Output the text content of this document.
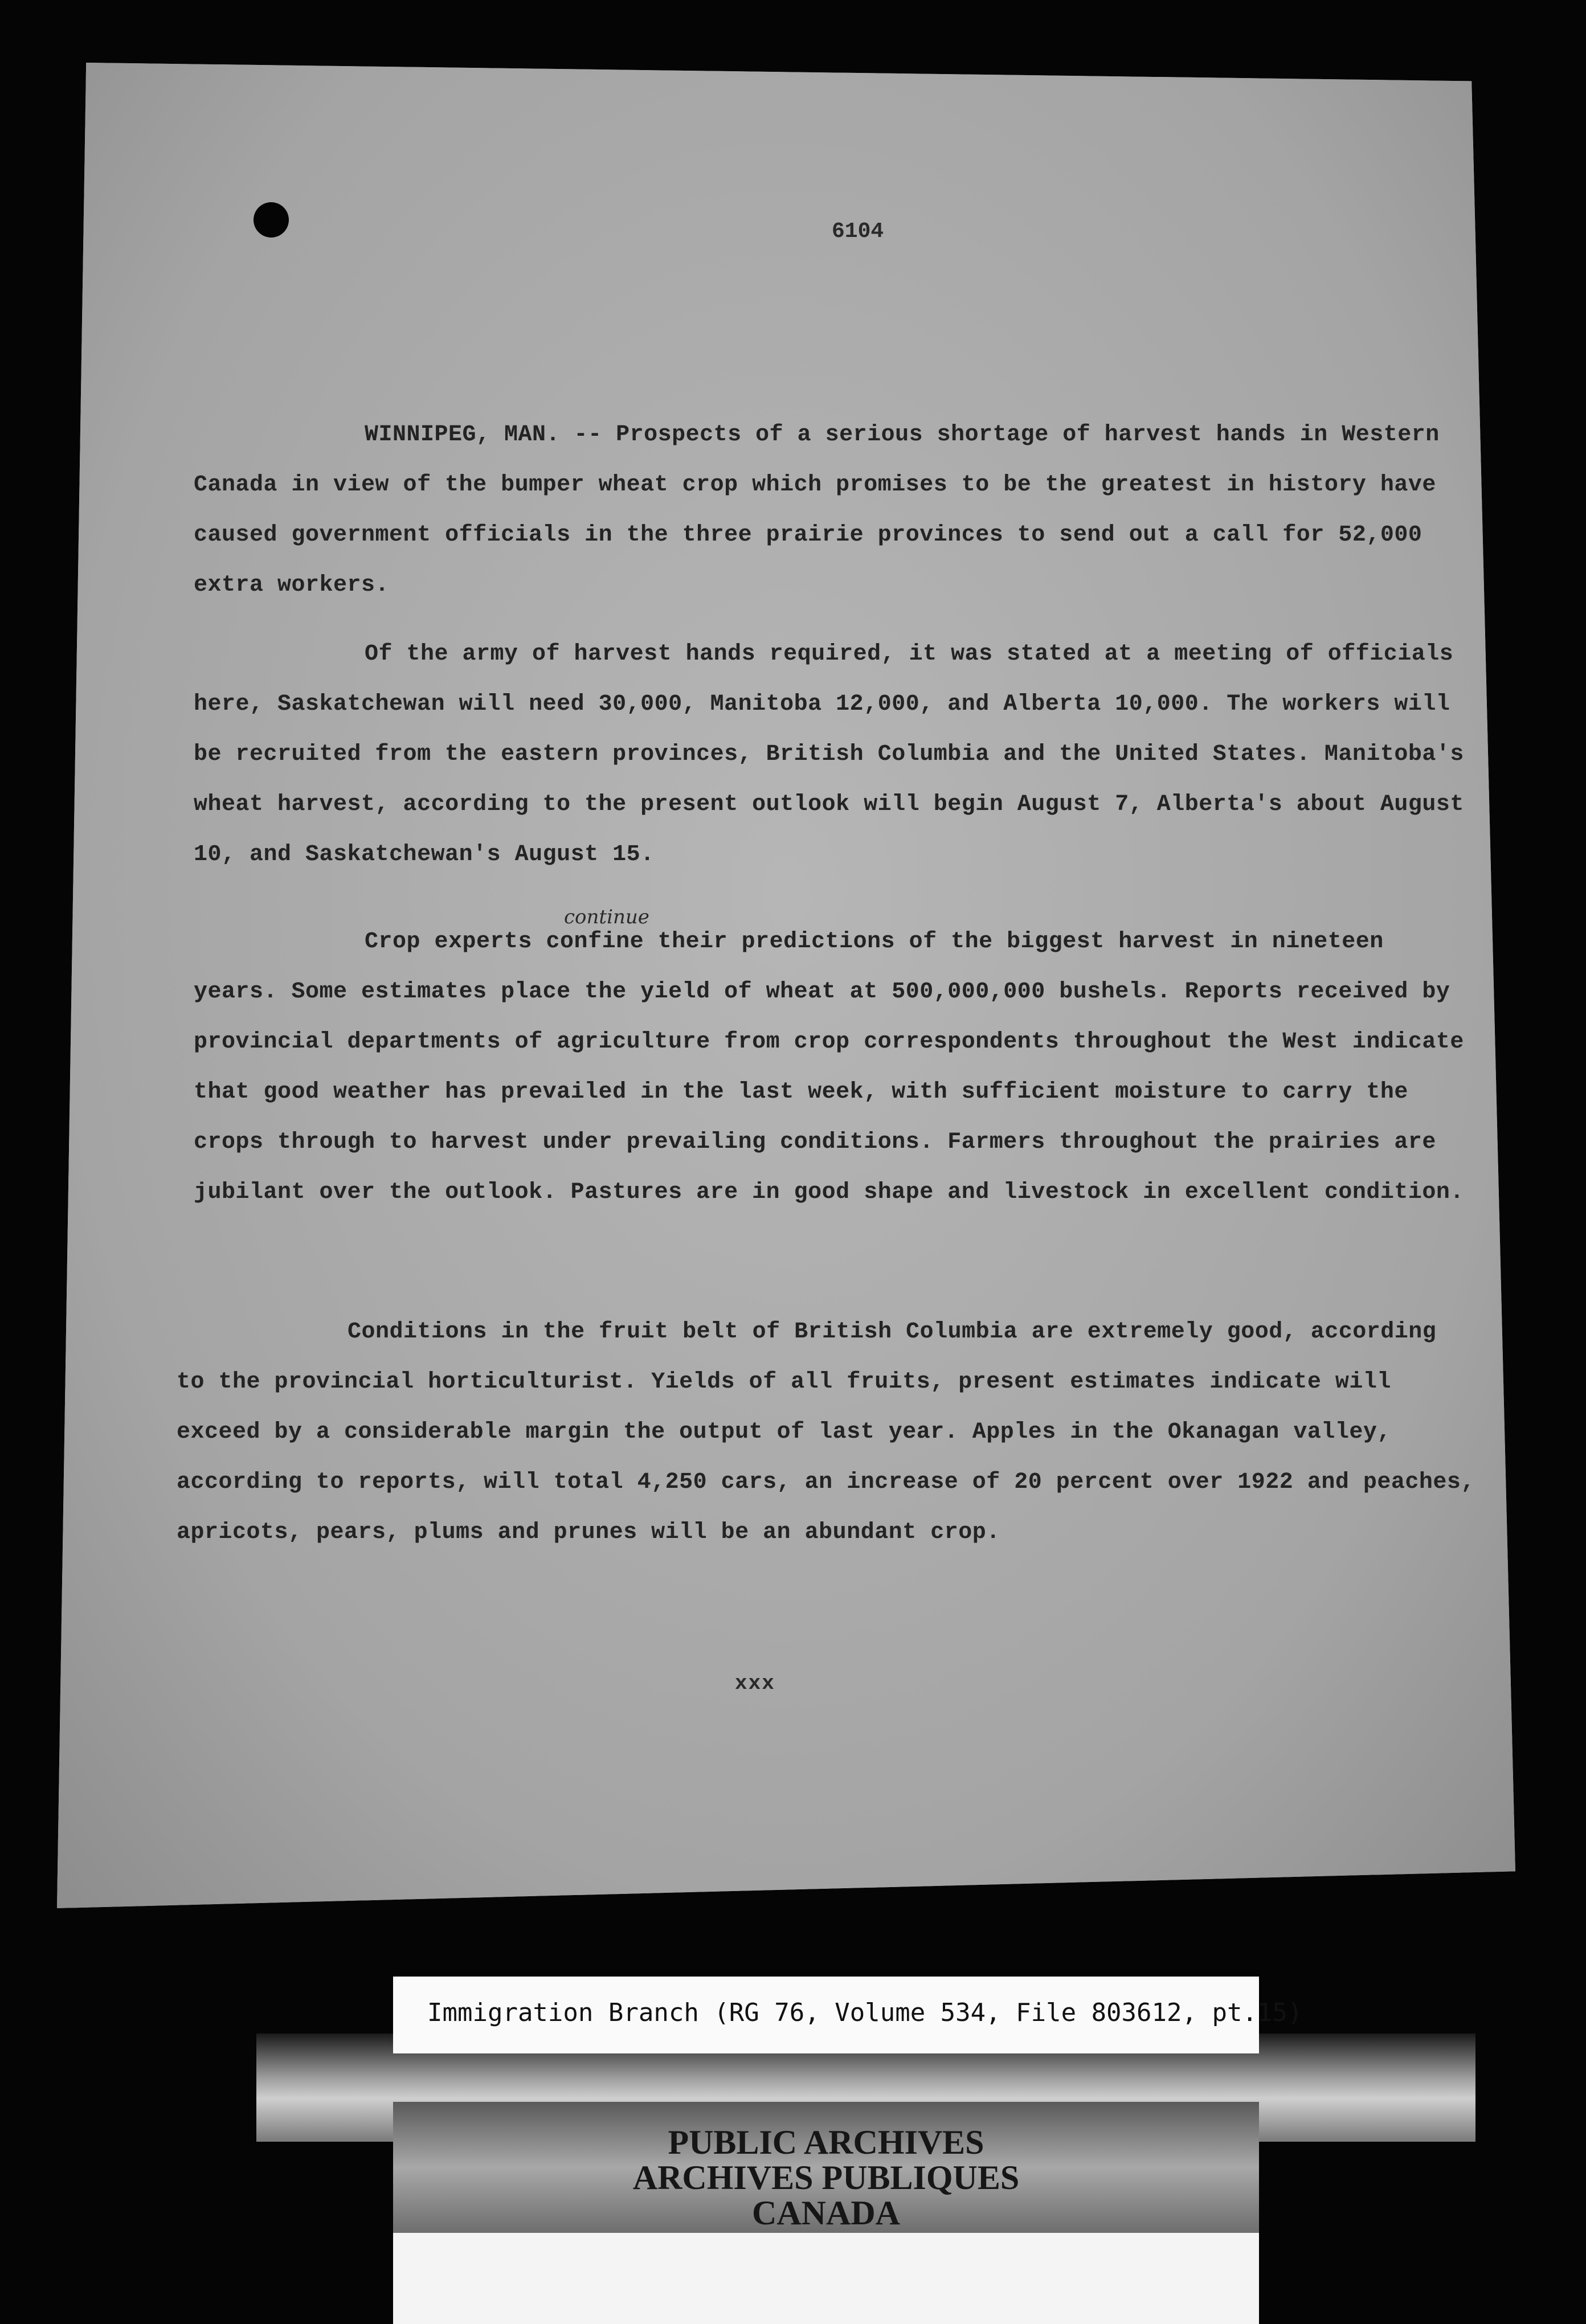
6104

WINNIPEG, MAN. -- Prospects of a serious shortage of harvest hands in Western Canada in view of the bumper wheat crop which promises to be the greatest in history have caused government officials in the three prairie provinces to send out a call for 52,000 extra workers.

Of the army of harvest hands required, it was stated at a meeting of officials here, Saskatchewan will need 30,000, Manitoba 12,000, and Alberta 10,000. The workers will be recruited from the eastern provinces, British Columbia and the United States. Manitoba's wheat harvest, according to the present outlook will begin August 7, Alberta's about August 10, and Saskatchewan's August 15.

continue

Crop experts confine their predictions of the biggest harvest in nineteen years. Some estimates place the yield of wheat at 500,000,000 bushels. Reports received by provincial departments of agriculture from crop correspondents throughout the West indicate that good weather has prevailed in the last week, with sufficient moisture to carry the crops through to harvest under prevailing conditions. Farmers throughout the prairies are jubilant over the outlook. Pastures are in good shape and livestock in excellent condition.

Conditions in the fruit belt of British Columbia are extremely good, according to the provincial horticulturist. Yields of all fruits, present estimates indicate will exceed by a considerable margin the output of last year. Apples in the Okanagan valley, according to reports, will total 4,250 cars, an increase of 20 percent over 1922 and peaches, apricots, pears, plums and prunes will be an abundant crop.

xxx
Immigration Branch (RG 76, Volume 534, File 803612, pt.15)
PUBLIC ARCHIVES
ARCHIVES PUBLIQUES
CANADA
